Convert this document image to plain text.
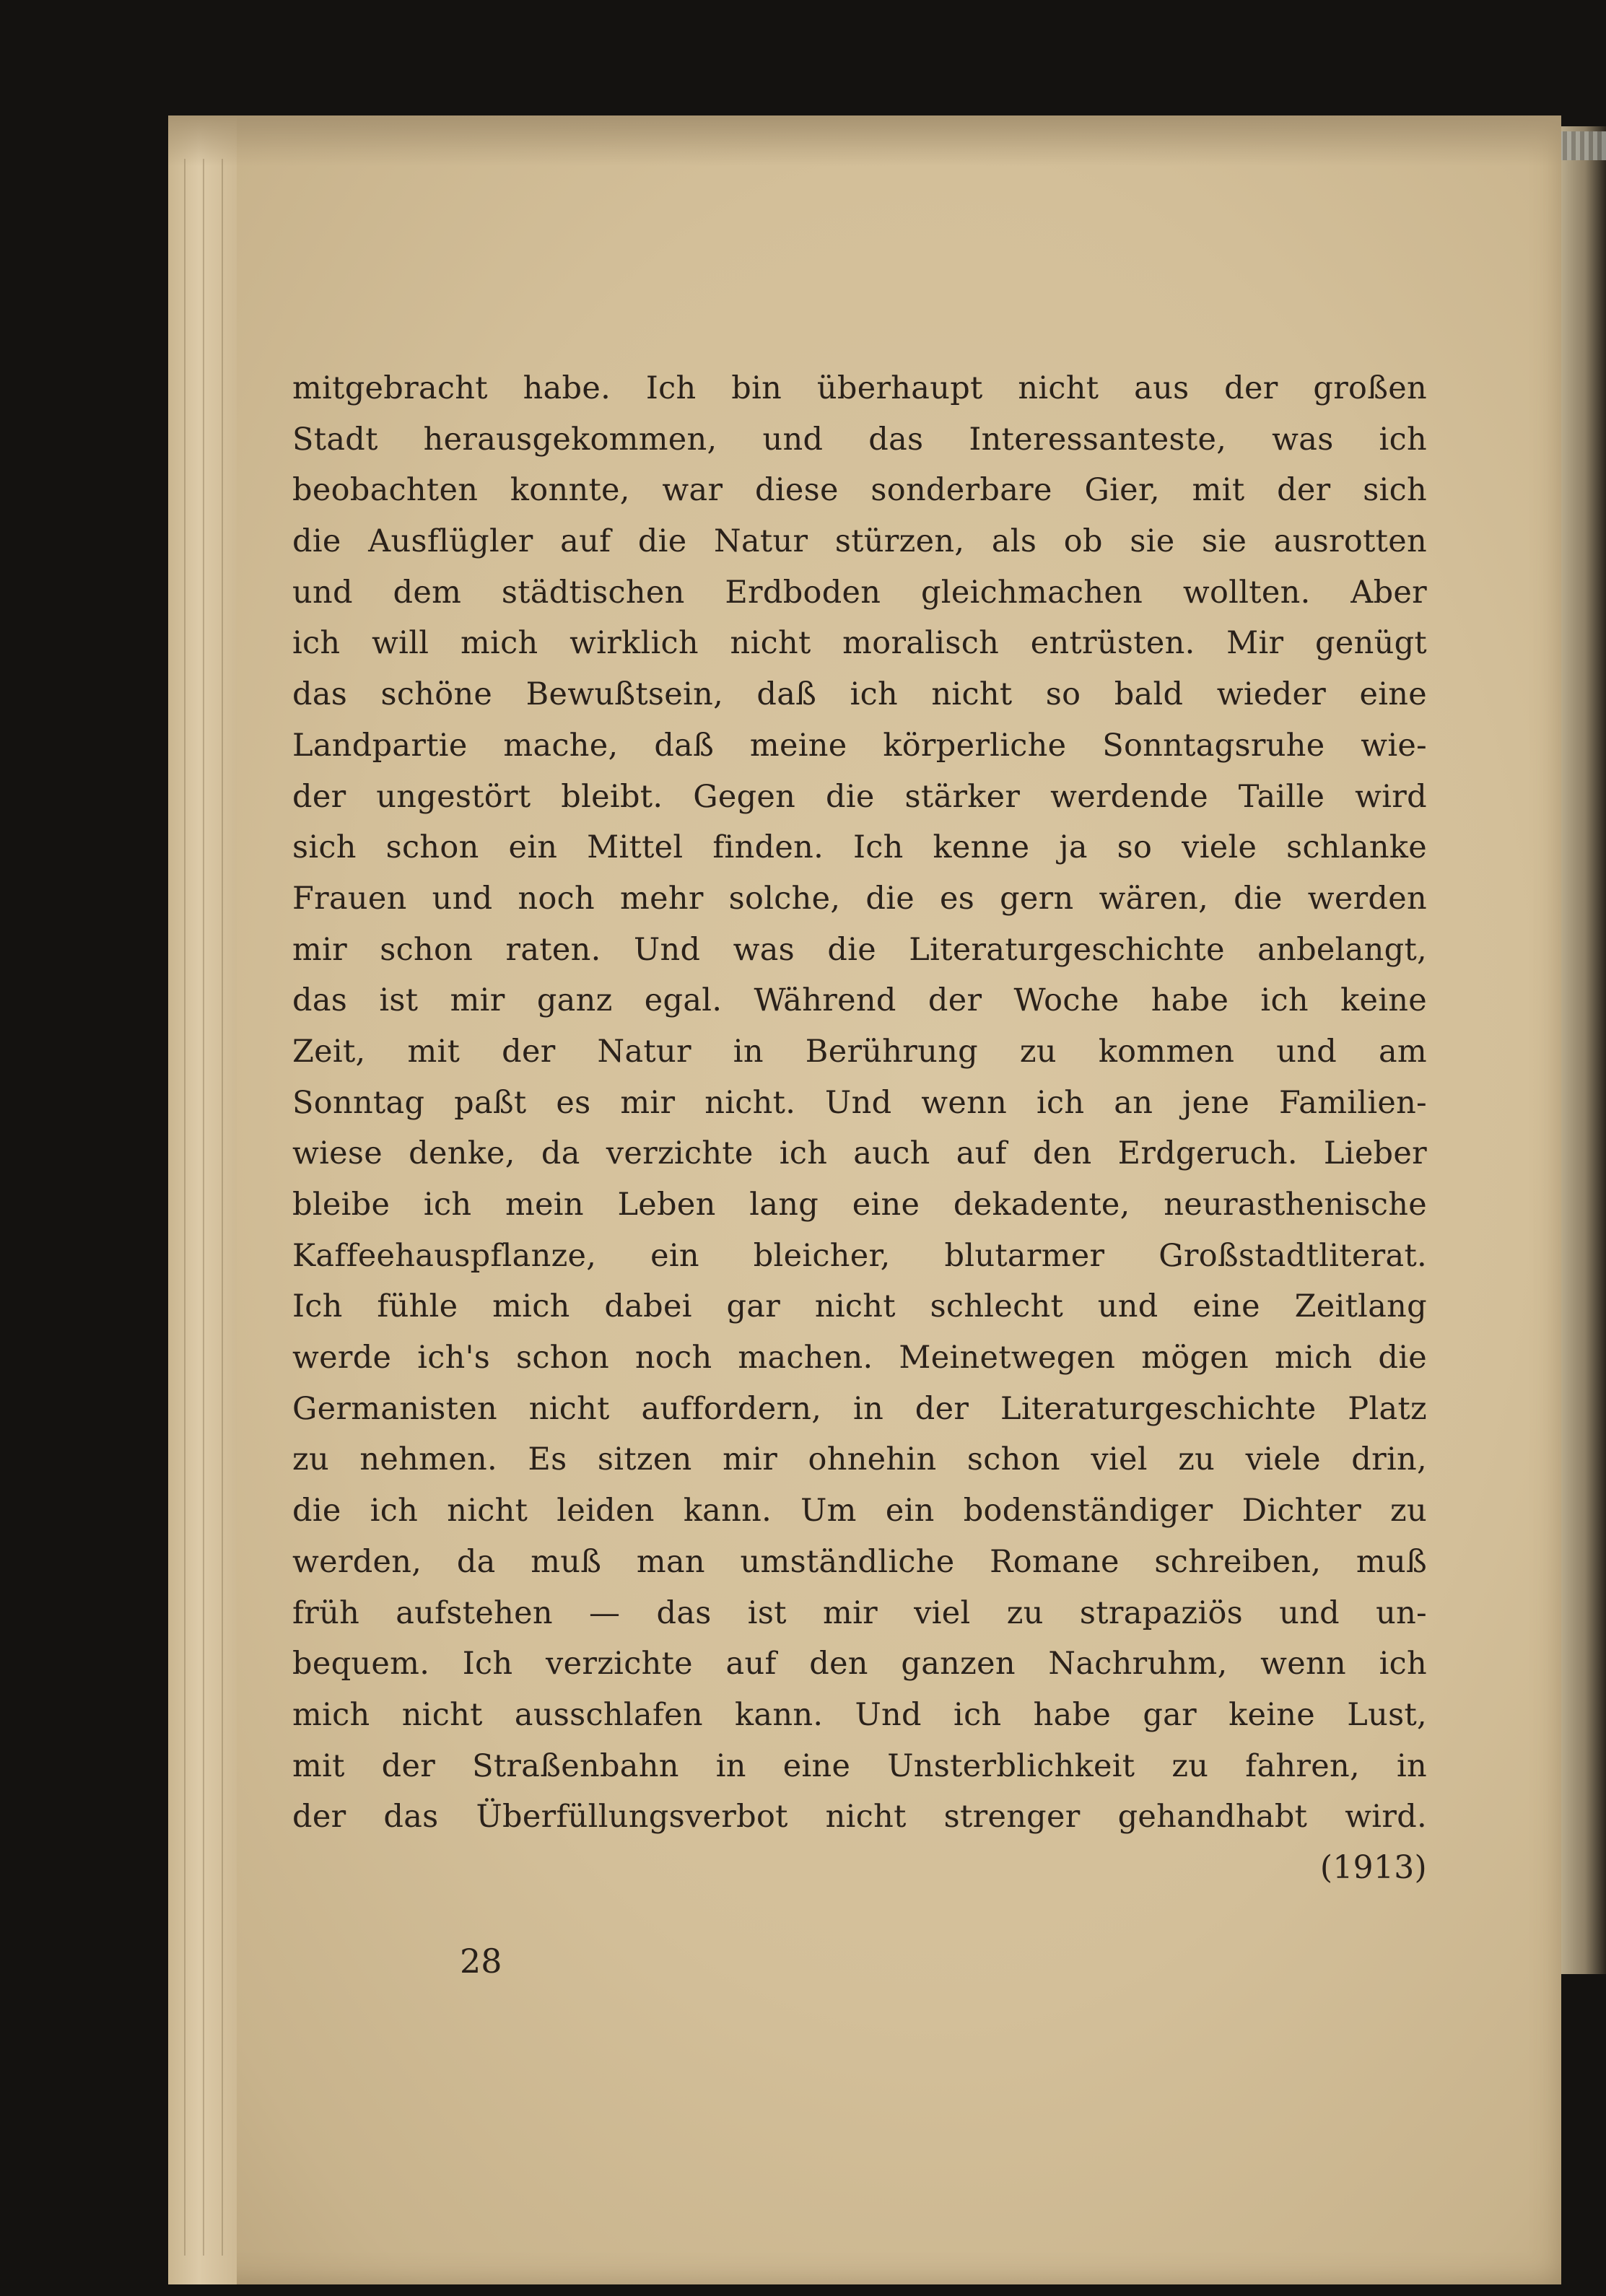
mitgebracht habe. Ich bin überhaupt nicht aus der großen
Stadt herausgekommen, und das Interessanteste, was ich
beobachten konnte, war diese sonderbare Gier, mit der sich
die Ausflügler auf die Natur stürzen, als ob sie sie ausrotten
und dem städtischen Erdboden gleichmachen wollten. Aber
ich will mich wirklich nicht moralisch entrüsten. Mir genügt
das schöne Bewußtsein, daß ich nicht so bald wieder eine
Landpartie mache, daß meine körperliche Sonntagsruhe wie-
der ungestört bleibt. Gegen die stärker werdende Taille wird
sich schon ein Mittel finden. Ich kenne ja so viele schlanke
Frauen und noch mehr solche, die es gern wären, die werden
mir schon raten. Und was die Literaturgeschichte anbelangt,
das ist mir ganz egal. Während der Woche habe ich keine
Zeit, mit der Natur in Berührung zu kommen und am
Sonntag paßt es mir nicht. Und wenn ich an jene Familien-
wiese denke, da verzichte ich auch auf den Erdgeruch. Lieber
bleibe ich mein Leben lang eine dekadente, neurasthenische
Kaffeehauspflanze, ein bleicher, blutarmer Großstadtliterat.
Ich fühle mich dabei gar nicht schlecht und eine Zeitlang
werde ich's schon noch machen. Meinetwegen mögen mich die
Germanisten nicht auffordern, in der Literaturgeschichte Platz
zu nehmen. Es sitzen mir ohnehin schon viel zu viele drin,
die ich nicht leiden kann. Um ein bodenständiger Dichter zu
werden, da muß man umständliche Romane schreiben, muß
früh aufstehen — das ist mir viel zu strapaziös und un-
bequem. Ich verzichte auf den ganzen Nachruhm, wenn ich
mich nicht ausschlafen kann. Und ich habe gar keine Lust,
mit der Straßenbahn in eine Unsterblichkeit zu fahren, in
der das Überfüllungsverbot nicht strenger gehandhabt wird.
(1913)
28
